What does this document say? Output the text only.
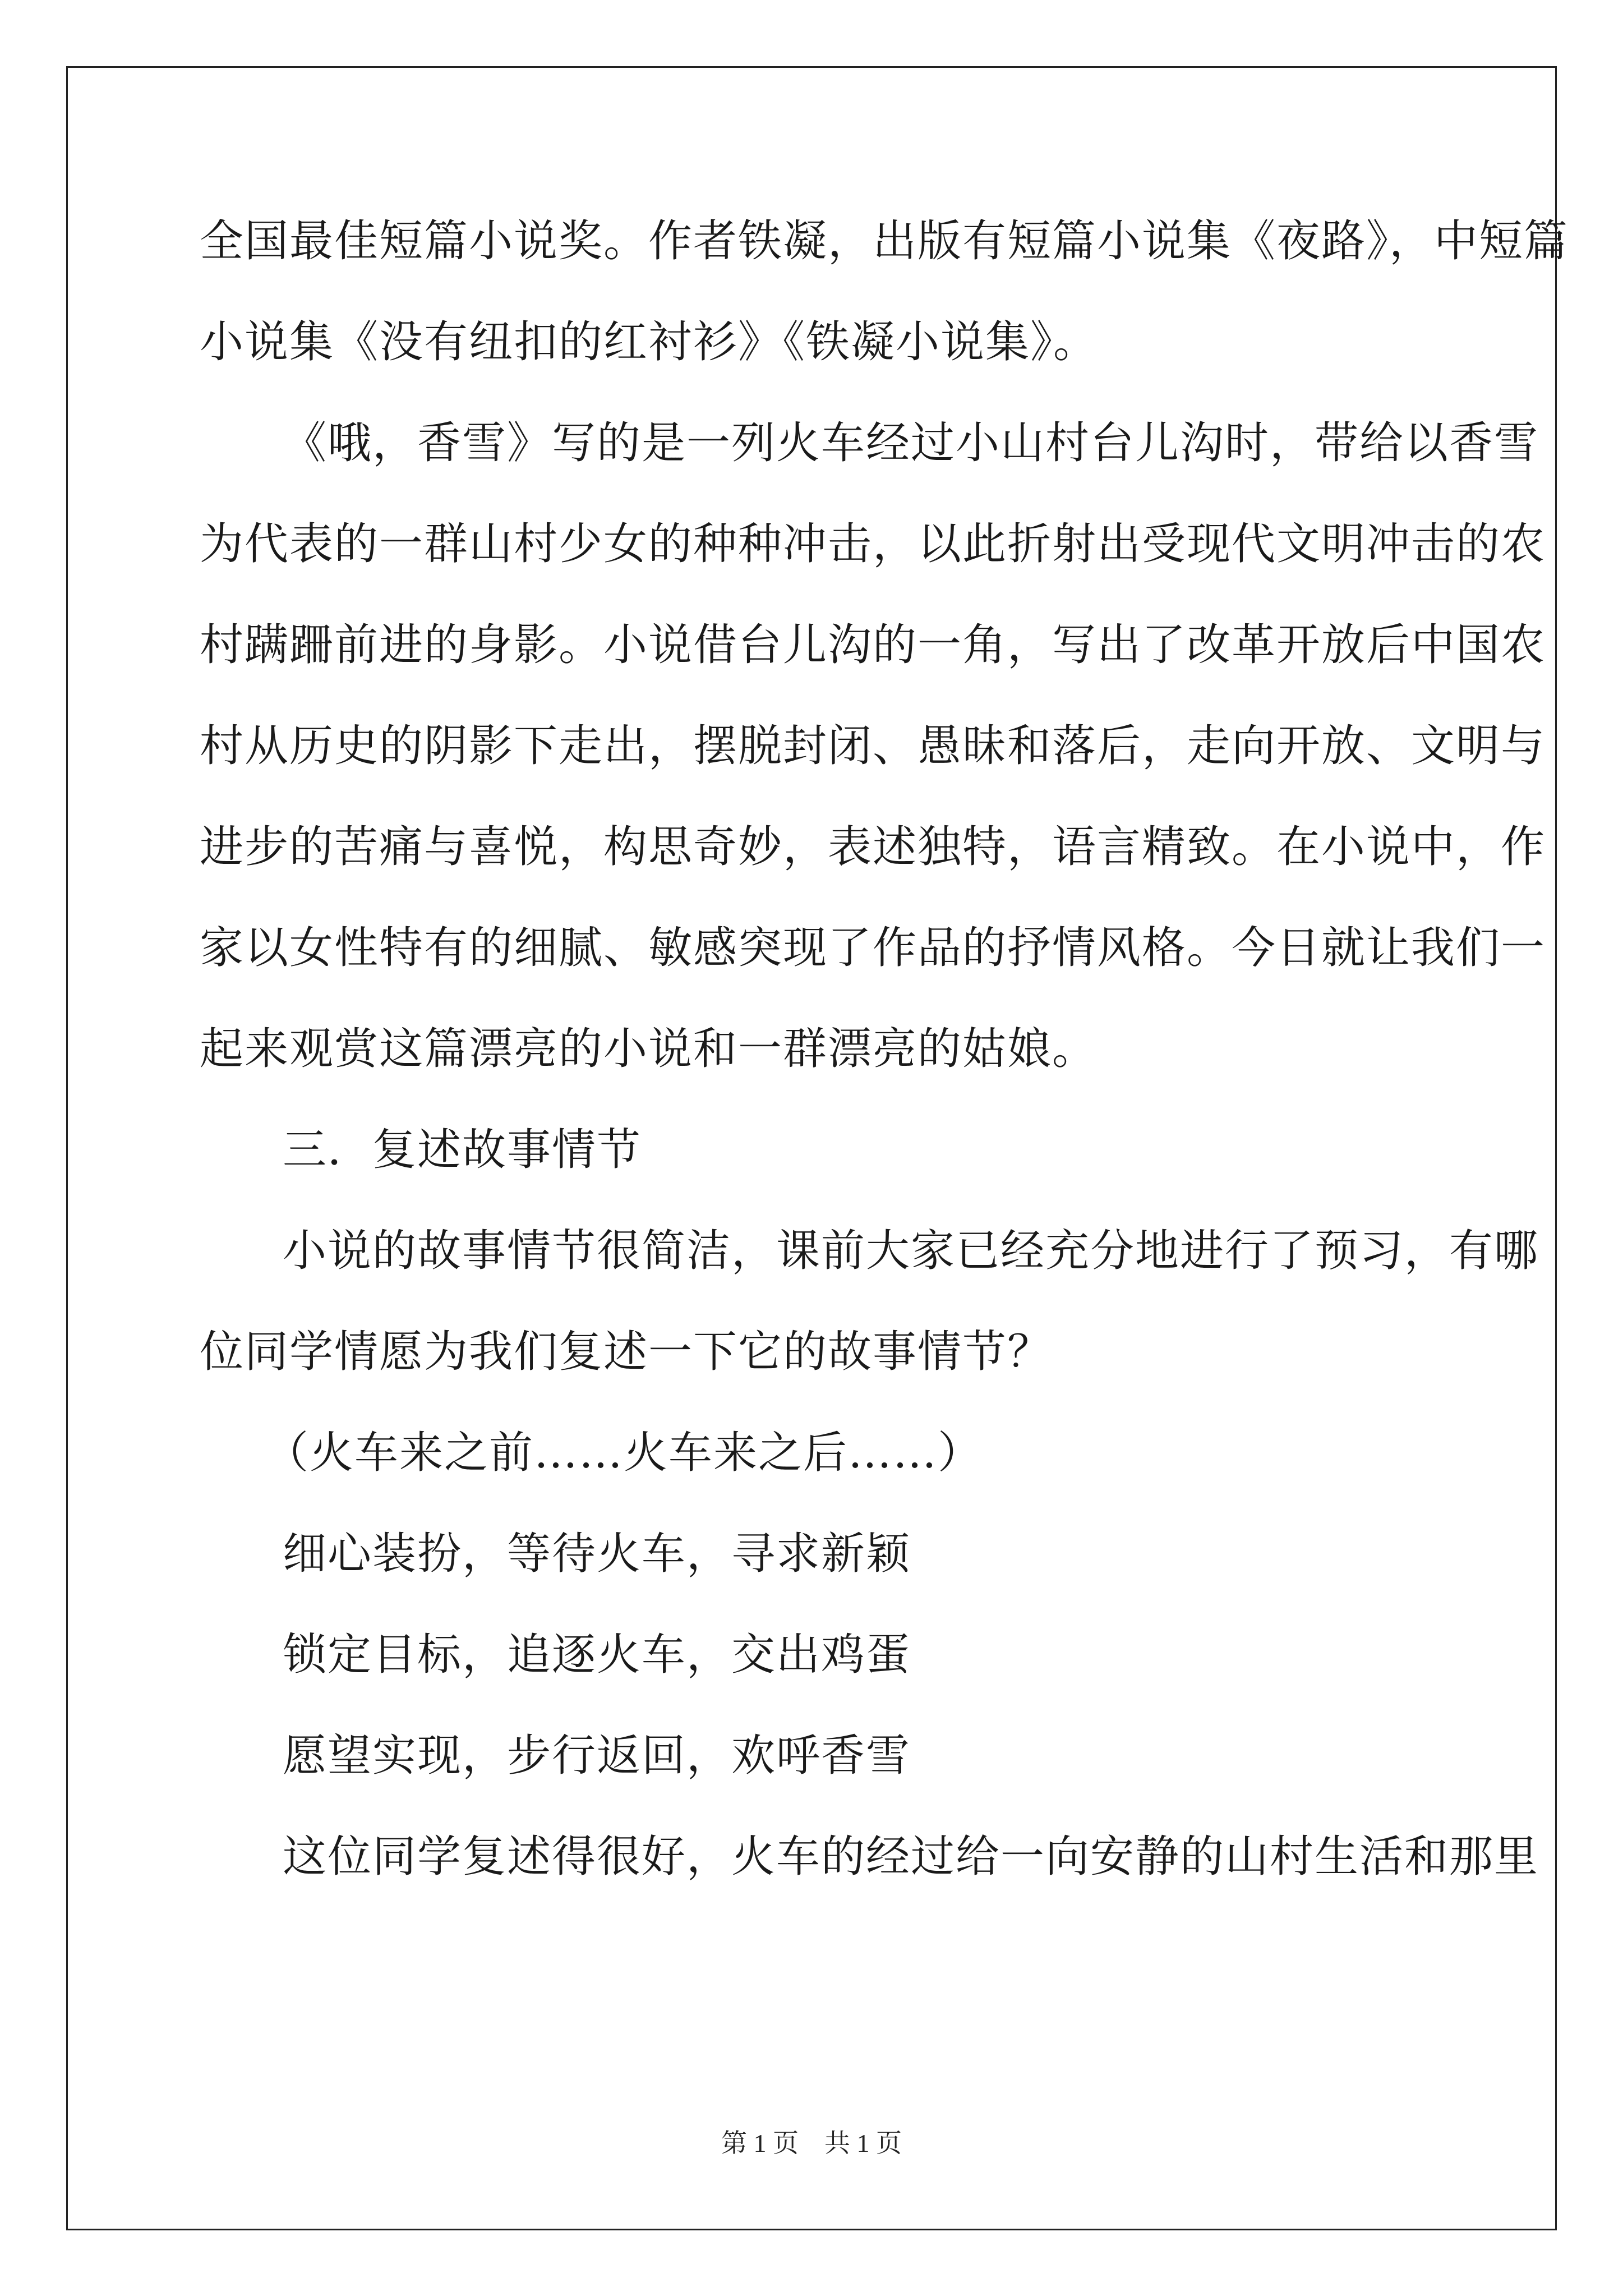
全国最佳短篇小说奖。作者铁凝，出版有短篇小说集《夜路》，中短篇
小说集《没有纽扣的红衬衫》《铁凝小说集》。
《哦，香雪》写的是一列火车经过小山村台儿沟时，带给以香雪
为代表的一群山村少女的种种冲击，以此折射出受现代文明冲击的农
村蹒跚前进的身影。小说借台儿沟的一角，写出了改革开放后中国农
村从历史的阴影下走出，摆脱封闭、愚昧和落后，走向开放、文明与
进步的苦痛与喜悦，构思奇妙，表述独特，语言精致。在小说中，作
家以女性特有的细腻、敏感突现了作品的抒情风格。今日就让我们一
起来观赏这篇漂亮的小说和一群漂亮的姑娘。
三．复述故事情节
小说的故事情节很简洁，课前大家已经充分地进行了预习，有哪
位同学情愿为我们复述一下它的故事情节？
（火车来之前……火车来之后……）
细心装扮，等待火车，寻求新颖
锁定目标，追逐火车，交出鸡蛋
愿望实现，步行返回，欢呼香雪
这位同学复述得很好，火车的经过给一向安静的山村生活和那里
第 1 页    共 1 页
